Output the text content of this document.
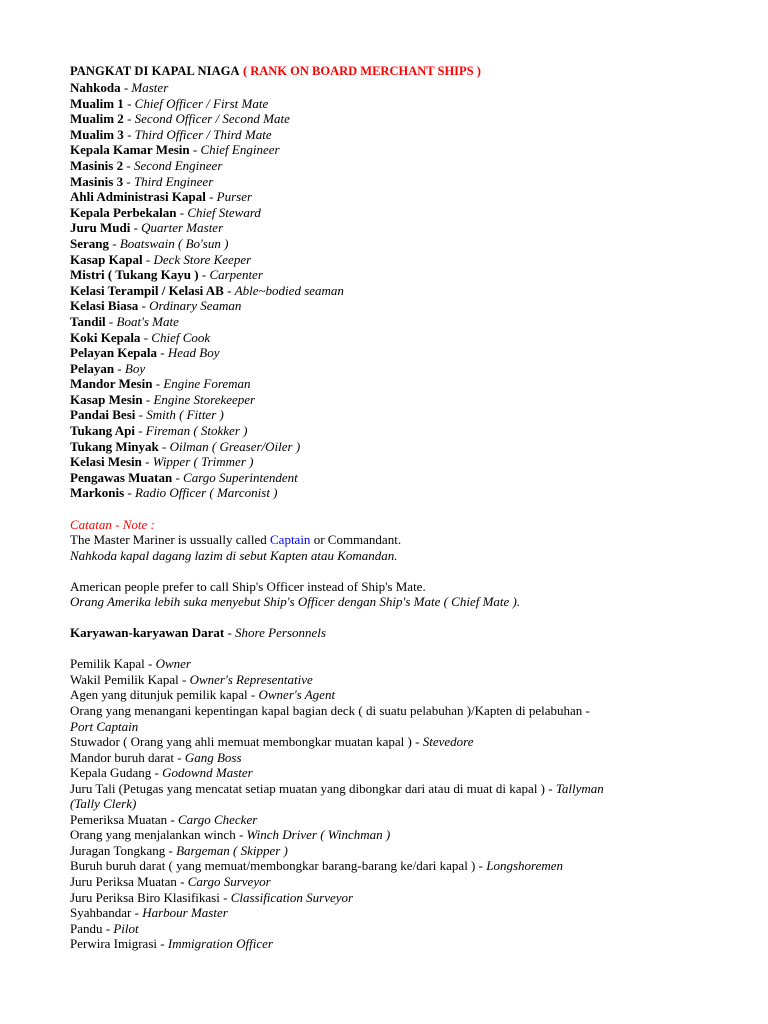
PANGKAT DI KAPAL NIAGA ( RANK ON BOARD MERCHANT SHIPS )
Nahkoda - Master
Mualim 1 - Chief Officer / First Mate
Mualim 2 - Second Officer / Second Mate
Mualim 3 - Third Officer / Third Mate
Kepala Kamar Mesin - Chief Engineer
Masinis 2 - Second Engineer
Masinis 3 - Third Engineer
Ahli Administrasi Kapal - Purser
Kepala Perbekalan - Chief Steward
Juru Mudi - Quarter Master
Serang - Boatswain ( Bo'sun )
Kasap Kapal - Deck Store Keeper
Mistri ( Tukang Kayu ) - Carpenter
Kelasi Terampil / Kelasi AB - Able~bodied seaman
Kelasi Biasa - Ordinary Seaman
Tandil - Boat's Mate
Koki Kepala - Chief Cook
Pelayan Kepala - Head Boy
Pelayan - Boy
Mandor Mesin - Engine Foreman
Kasap Mesin - Engine Storekeeper
Pandai Besi - Smith ( Fitter )
Tukang Api - Fireman ( Stokker )
Tukang Minyak - Oilman ( Greaser/Oiler )
Kelasi Mesin - Wipper ( Trimmer )
Pengawas Muatan - Cargo Superintendent
Markonis - Radio Officer ( Marconist )
Catatan - Note :
The Master Mariner is ussually called Captain or Commandant.
Nahkoda kapal dagang lazim di sebut Kapten atau Komandan.
American people prefer to call Ship's Officer instead of Ship's Mate.
Orang Amerika lebih suka menyebut Ship's Officer dengan Ship's Mate ( Chief Mate ).
Karyawan-karyawan Darat - Shore Personnels
Pemilik Kapal - Owner
Wakil Pemilik Kapal - Owner's Representative
Agen yang ditunjuk pemilik kapal - Owner's Agent
Orang yang menangani kepentingan kapal bagian deck ( di suatu pelabuhan )/Kapten di pelabuhan -
Port Captain
Stuwador ( Orang yang ahli memuat membongkar muatan kapal ) - Stevedore
Mandor buruh darat - Gang Boss
Kepala Gudang - Godownd Master
Juru Tali (Petugas yang mencatat setiap muatan yang dibongkar dari atau di muat di kapal ) - Tallyman
(Tally Clerk)
Pemeriksa Muatan - Cargo Checker
Orang yang menjalankan winch - Winch Driver ( Winchman )
Juragan Tongkang - Bargeman ( Skipper )
Buruh buruh darat ( yang memuat/membongkar barang-barang ke/dari kapal ) - Longshoremen
Juru Periksa Muatan - Cargo Surveyor
Juru Periksa Biro Klasifikasi - Classification Surveyor
Syahbandar - Harbour Master
Pandu - Pilot
Perwira Imigrasi - Immigration Officer
